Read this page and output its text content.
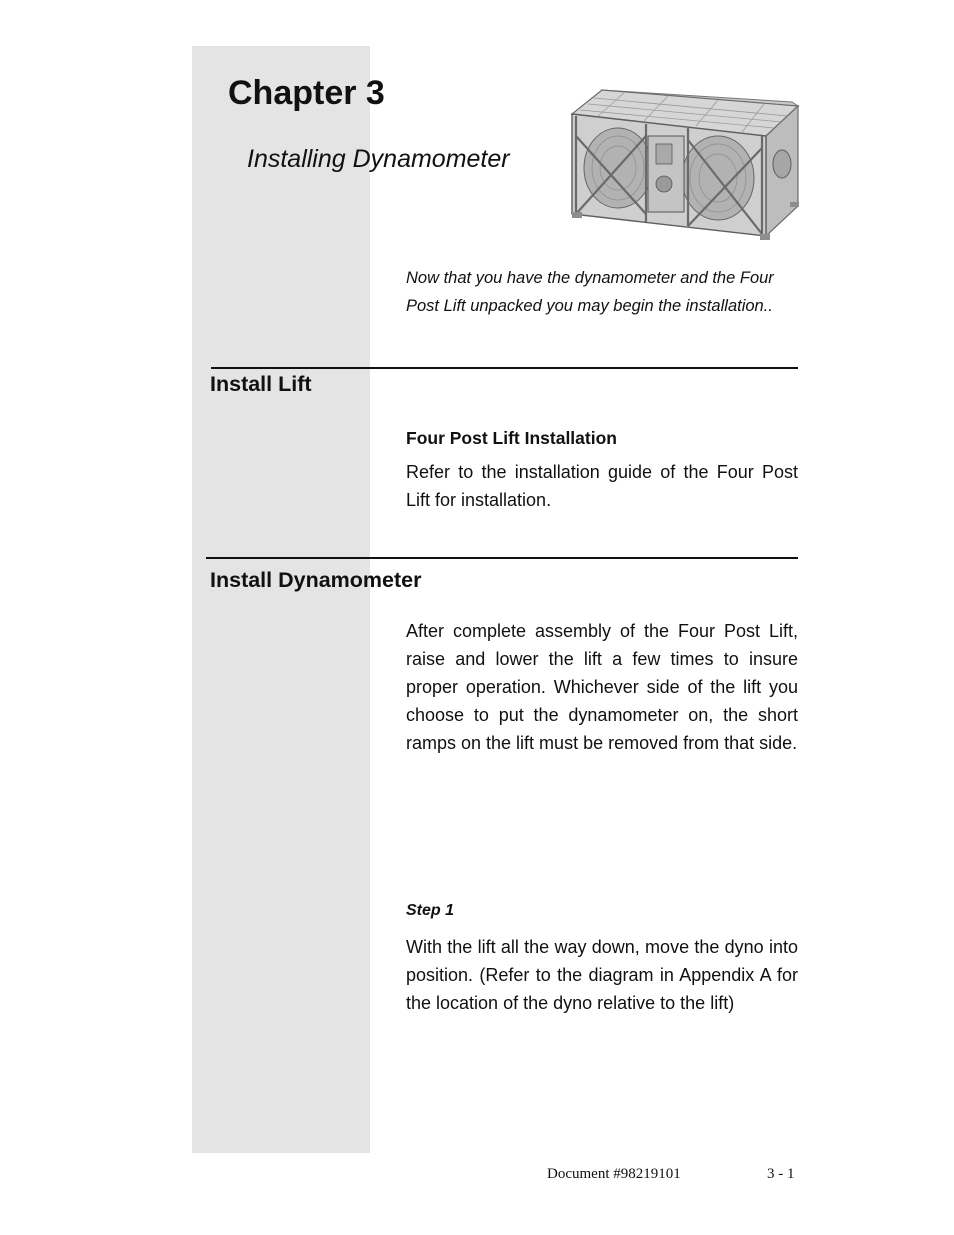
Chapter 3
Installing Dynamometer
Now that you have the dynamometer and the Four Post Lift unpacked you may begin the installation..
Install Lift
Four Post Lift Installation

Refer to the installation guide of the Four Post Lift for installation.

Install Dynamometer

After complete assembly of the Four Post Lift, raise and lower the lift a few times to insure proper operation. Whichever side of the lift you choose to put the dynamometer on, the short ramps on the lift must be removed from that side.

Step 1

With the lift all the way down, move the dyno into position. (Refer to the diagram in Appendix A for the location of the dyno relative to the lift)

Document #98219101	3 - 1
